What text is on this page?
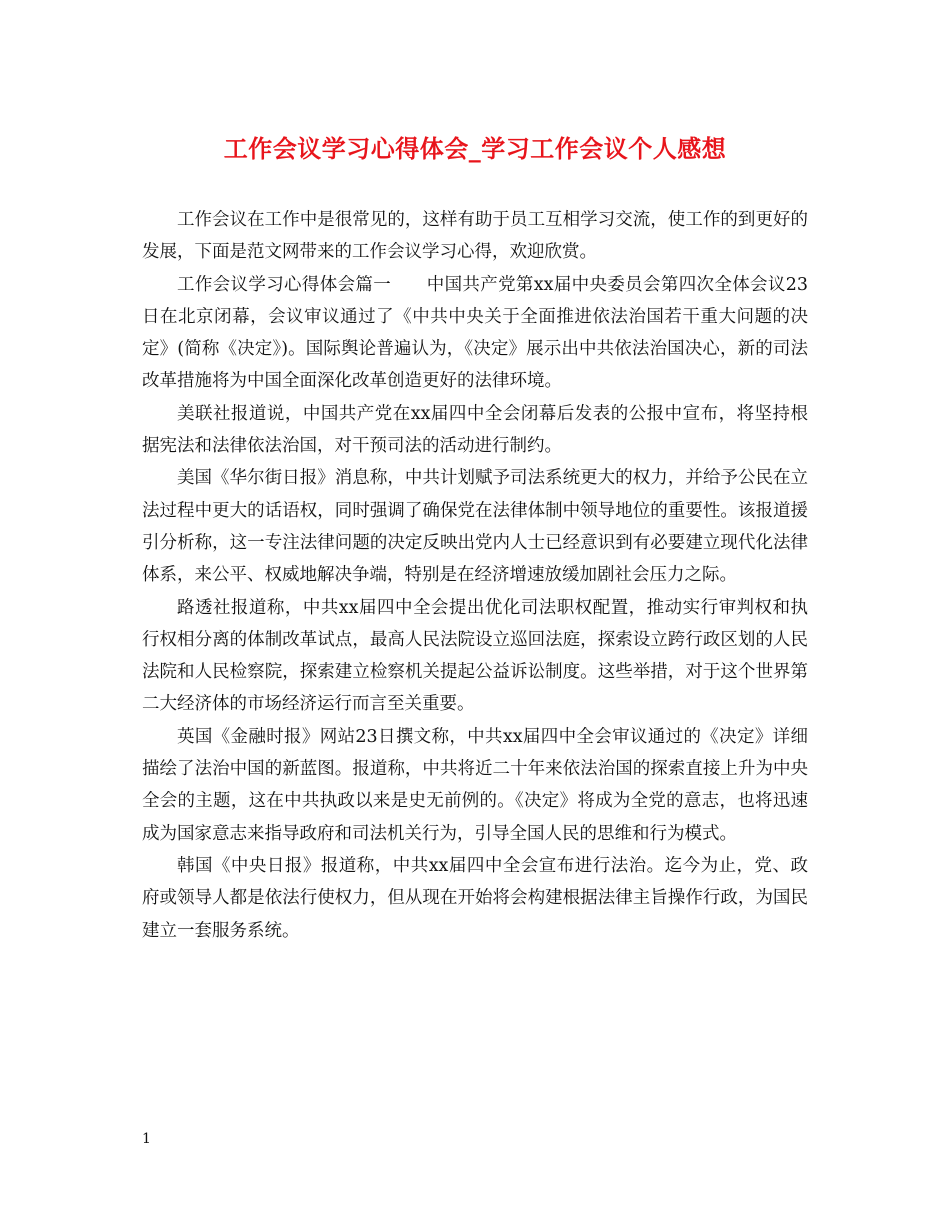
工作会议学习心得体会_学习工作会议个人感想

工作会议在工作中是很常见的，这样有助于员工互相学习交流，使工作的到更好的发展，下面是范文网带来的工作会议学习心得，欢迎欣赏。

工作会议学习心得体会篇一　　中国共产党第xx届中央委员会第四次全体会议23日在北京闭幕，会议审议通过了《中共中央关于全面推进依法治国若干重大问题的决定》(简称《决定》)。国际舆论普遍认为，《决定》展示出中共依法治国决心，新的司法改革措施将为中国全面深化改革创造更好的法律环境。

美联社报道说，中国共产党在xx届四中全会闭幕后发表的公报中宣布，将坚持根据宪法和法律依法治国，对干预司法的活动进行制约。

美国《华尔街日报》消息称，中共计划赋予司法系统更大的权力，并给予公民在立法过程中更大的话语权，同时强调了确保党在法律体制中领导地位的重要性。该报道援引分析称，这一专注法律问题的决定反映出党内人士已经意识到有必要建立现代化法律体系，来公平、权威地解决争端，特别是在经济增速放缓加剧社会压力之际。

路透社报道称，中共xx届四中全会提出优化司法职权配置，推动实行审判权和执行权相分离的体制改革试点，最高人民法院设立巡回法庭，探索设立跨行政区划的人民法院和人民检察院，探索建立检察机关提起公益诉讼制度。这些举措，对于这个世界第二大经济体的市场经济运行而言至关重要。

英国《金融时报》网站23日撰文称，中共xx届四中全会审议通过的《决定》详细描绘了法治中国的新蓝图。报道称，中共将近二十年来依法治国的探索直接上升为中央全会的主题，这在中共执政以来是史无前例的。《决定》将成为全党的意志，也将迅速成为国家意志来指导政府和司法机关行为，引导全国人民的思维和行为模式。

韩国《中央日报》报道称，中共xx届四中全会宣布进行法治。迄今为止，党、政府或领导人都是依法行使权力，但从现在开始将会构建根据法律主旨操作行政，为国民建立一套服务系统。

1
